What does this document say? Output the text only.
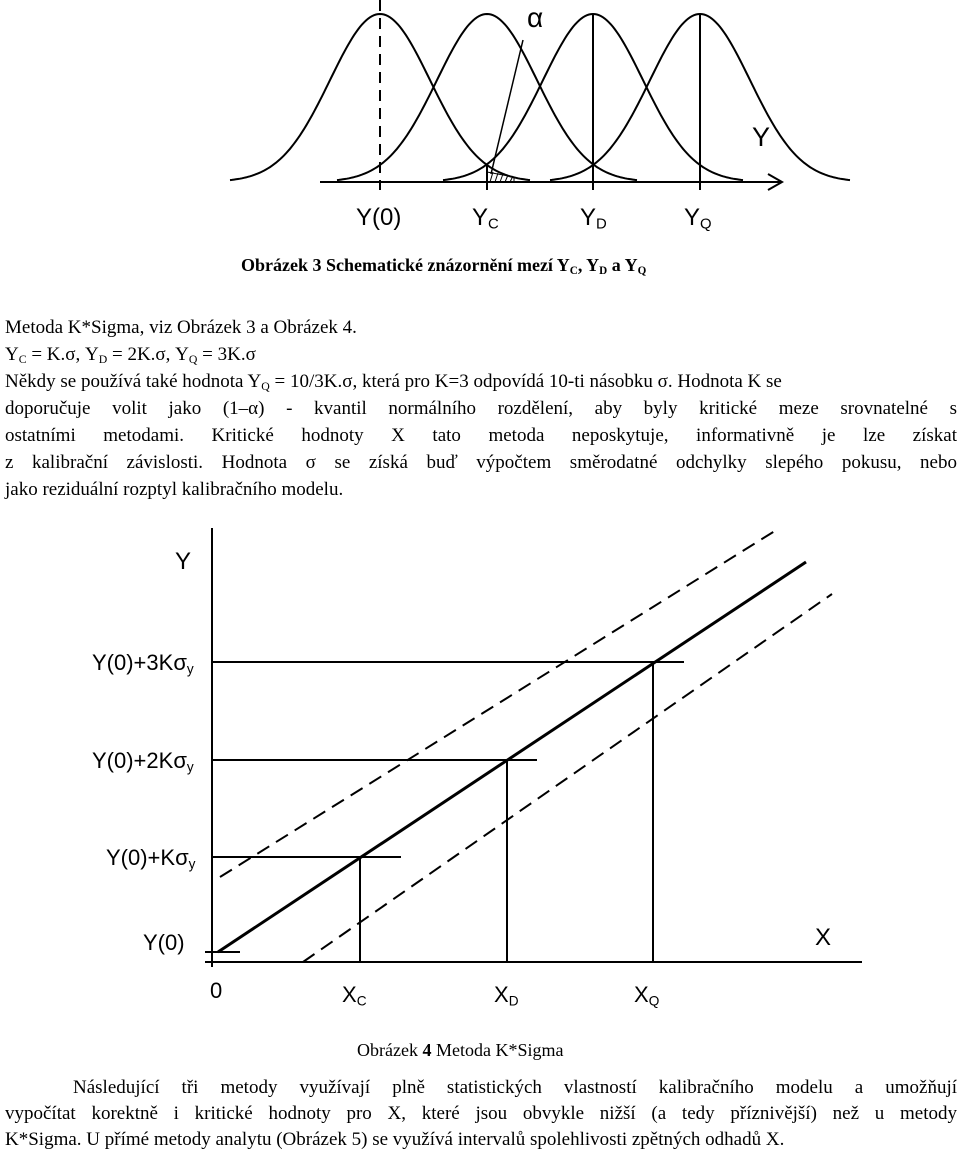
α
Y
Y(0)	$Y_C$	$Y_D$	$Y_Q$
Obrázek 3 Schematické znázornění mezí $Y_C$, $Y_D$ a $Y_Q$
Metoda K*Sigma, viz Obrázek 3 a Obrázek 4.
$Y_C = K.\sigma$, $Y_D = 2K.\sigma$, $Y_Q = 3K.\sigma$
Někdy se používá také hodnota $Y_Q = 10/3K.\sigma$, která pro K=3 odpovídá 10-ti násobku σ. Hodnota K se
doporučuje volit jako (1–α) - kvantil normálního rozdělení, aby byly kritické meze srovnatelné s
ostatními metodami. Kritické hodnoty X tato metoda neposkytuje, informativně je lze získat
z kalibrační závislosti. Hodnota σ se získá buď výpočtem směrodatné odchylky slepého pokusu, nebo
jako reziduální rozptyl kalibračního modelu.
Y
X
$Y(0)+3K\sigma_y$
$Y(0)+2K\sigma_y$
$Y(0)+K\sigma_y$
Y(0)
0	$X_C$	$X_D$	$X_Q$
Obrázek 4 Metoda K*Sigma
Následující tři metody využívají plně statistických vlastností kalibračního modelu a umožňují
vypočítat korektně i kritické hodnoty pro X, které jsou obvykle nižší (a tedy příznivější) než u metody
K*Sigma. U přímé metody analytu (Obrázek 5) se využívá intervalů spolehlivosti zpětných odhadů X.
